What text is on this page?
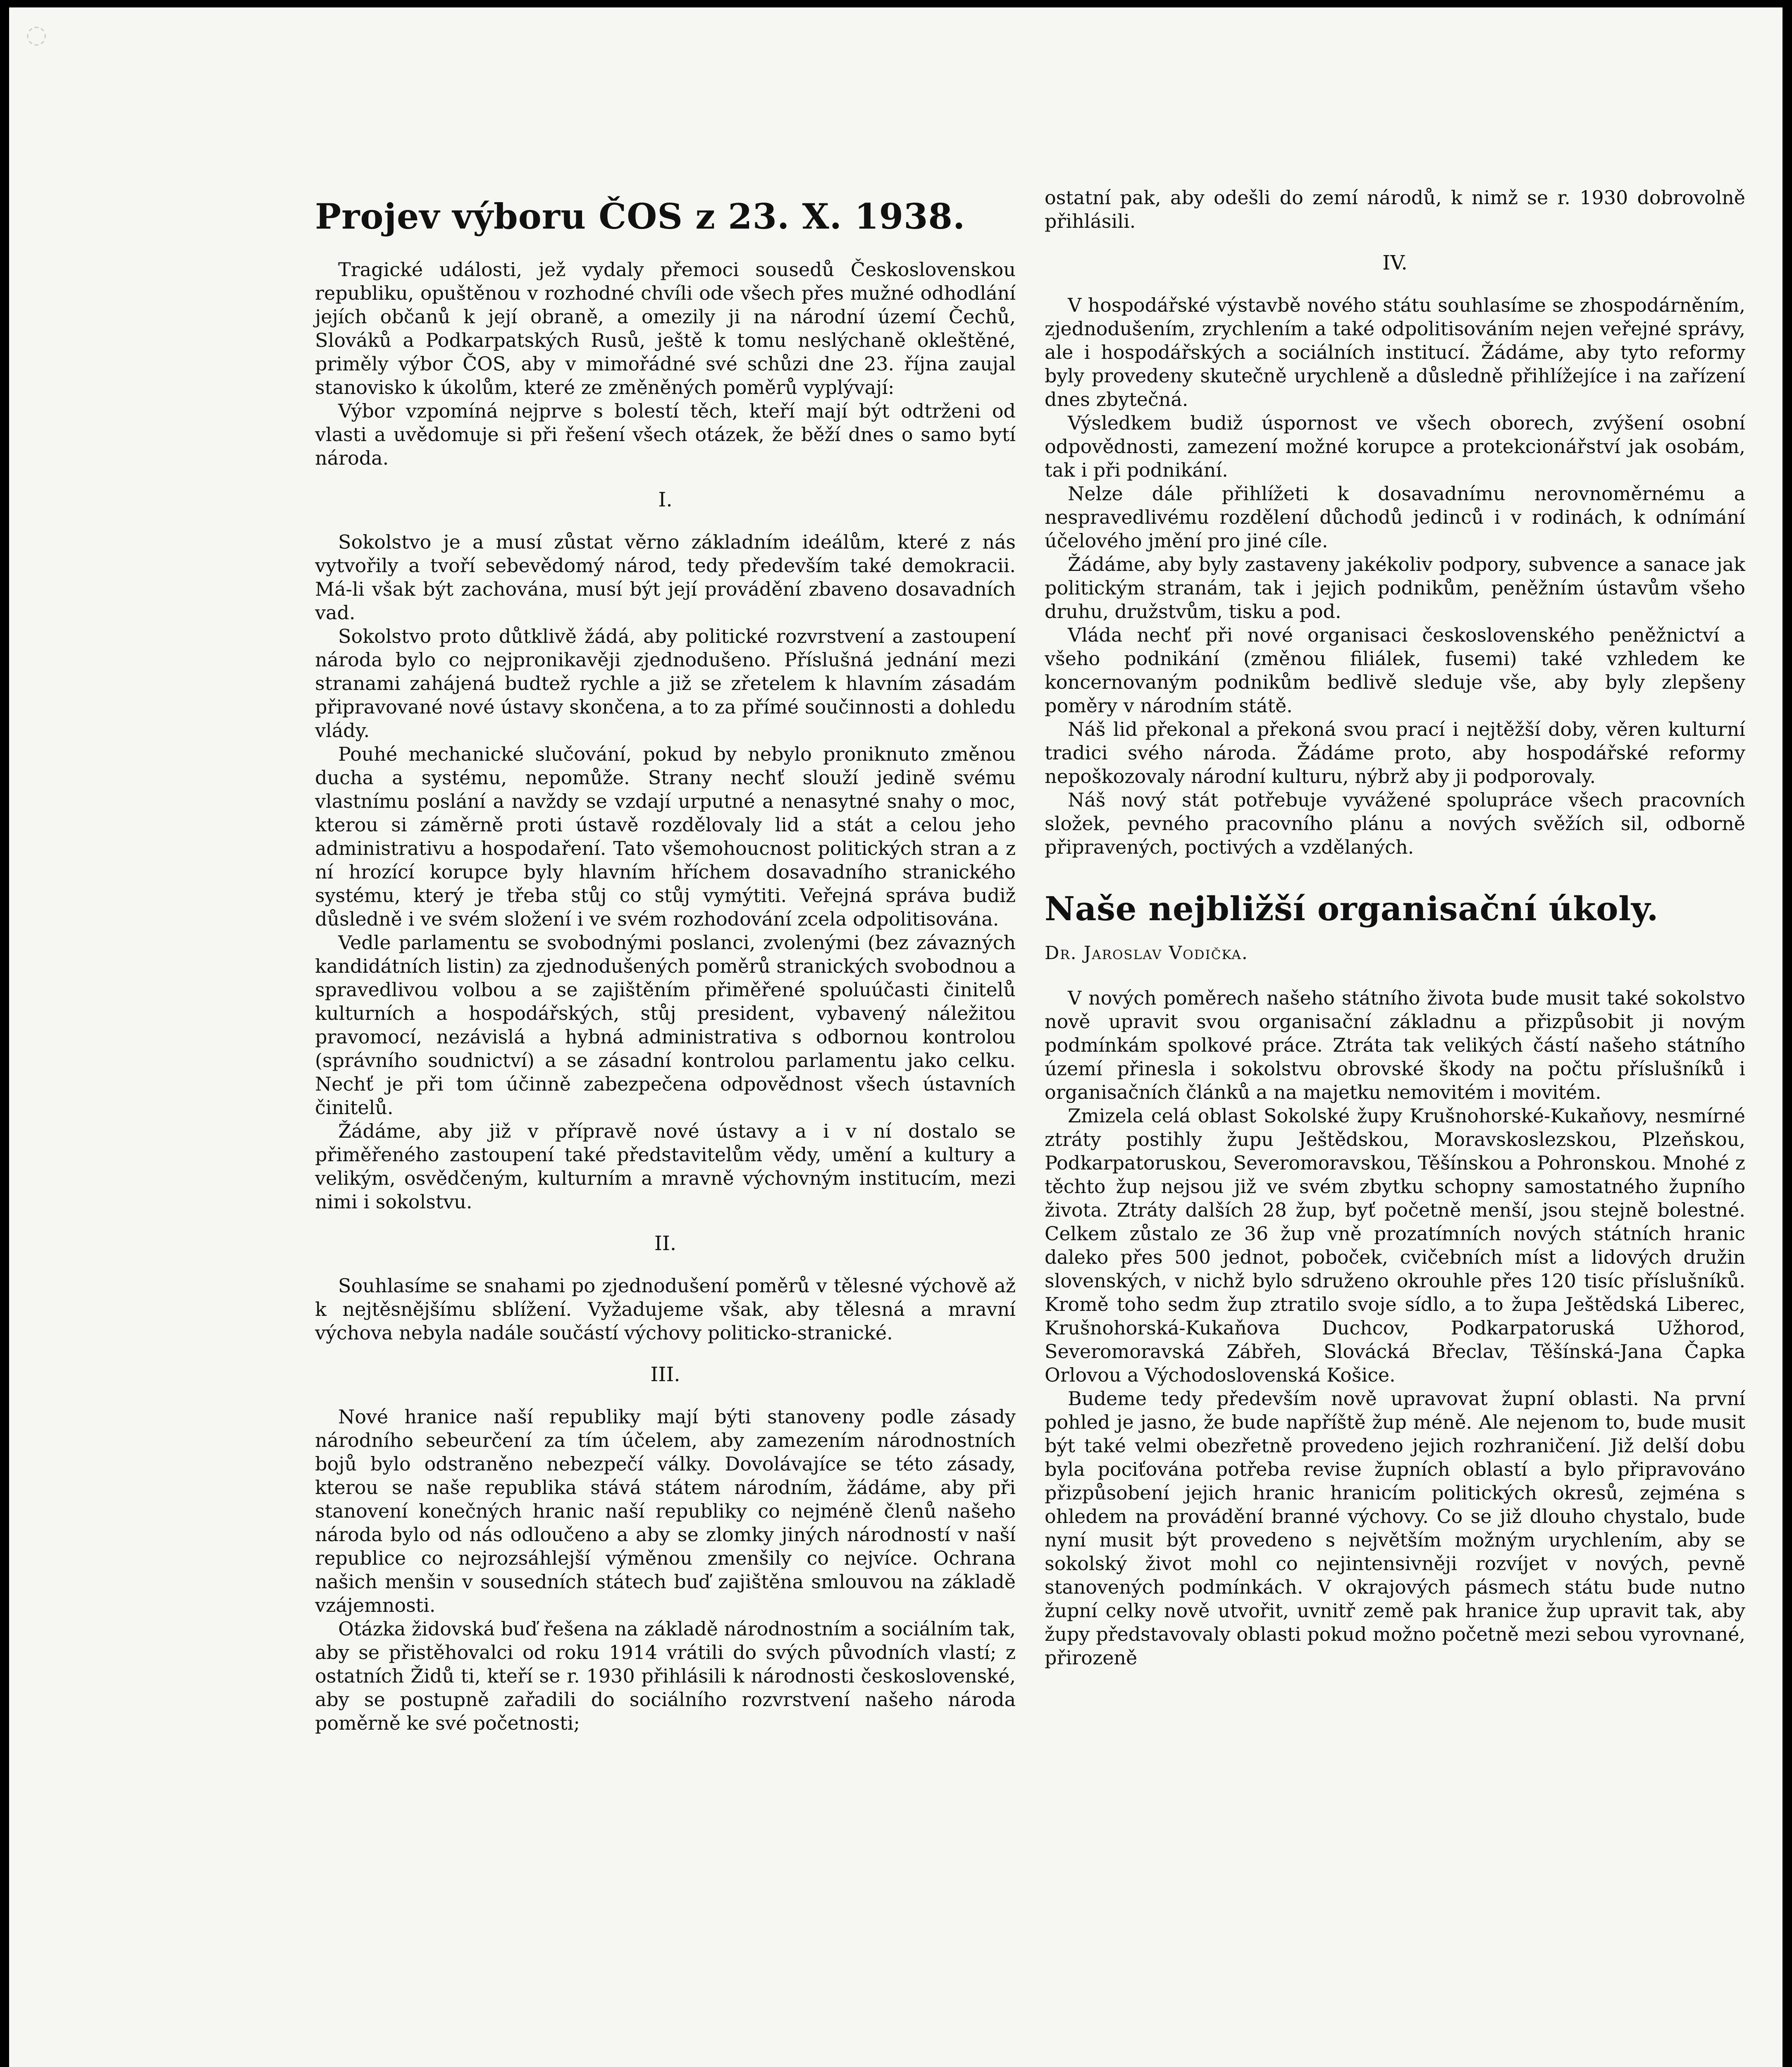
◌
Projev výboru ČOS z 23. X. 1938.

Tragické události, jež vydaly přemoci sousedů Československou republiku, opuštěnou v rozhodné chvíli ode všech přes mužné odhodlání jejích občanů k její obraně, a omezily ji na národní území Čechů, Slováků a Podkarpatských Rusů, ještě k tomu neslýchaně okleštěné, priměly výbor ČOS, aby v mimořádné své schůzi dne 23. října zaujal stanovisko k úkolům, které ze změněných poměrů vyplývají:

Výbor vzpomíná nejprve s bolestí těch, kteří mají být odtrženi od vlasti a uvědomuje si při řešení všech otázek, že běží dnes o samo bytí národa.

I.

Sokolstvo je a musí zůstat věrno základním ideálům, které z nás vytvořily a tvoří sebevědomý národ, tedy především také demokracii. Má-li však být zachována, musí být její provádění zbaveno dosavadních vad.

Sokolstvo proto důtklivě žádá, aby politické rozvrstvení a zastoupení národa bylo co nejpronikavěji zjednodušeno. Příslušná jednání mezi stranami zahájená budtež rychle a již se zřetelem k hlavním zásadám připravované nové ústavy skončena, a to za přímé součinnosti a dohledu vlády.

Pouhé mechanické slučování, pokud by nebylo proniknuto změnou ducha a systému, nepomůže. Strany nechť slouží jedině svému vlastnímu poslání a navždy se vzdají urputné a nenasytné snahy o moc, kterou si záměrně proti ústavě rozdělovaly lid a stát a celou jeho administrativu a hospodaření. Tato všemohoucnost politických stran a z ní hrozící korupce byly hlavním hříchem dosavadního stranického systému, který je třeba stůj co stůj vymýtiti. Veřejná správa budiž důsledně i ve svém složení i ve svém rozhodování zcela odpolitisována.

Vedle parlamentu se svobodnými poslanci, zvolenými (bez závazných kandidátních listin) za zjednodušených poměrů stranických svobodnou a spravedlivou volbou a se zajištěním přiměřené spoluúčasti činitelů kulturních a hospodářských, stůj president, vybavený náležitou pravomocí, nezávislá a hybná administrativa s odbornou kontrolou (správního soudnictví) a se zásadní kontrolou parlamentu jako celku. Nechť je při tom účinně zabezpečena odpovědnost všech ústavních činitelů.

Žádáme, aby již v přípravě nové ústavy a i v ní dostalo se přiměřeného zastoupení také představitelům vědy, umění a kultury a velikým, osvědčeným, kulturním a mravně výchovným institucím, mezi nimi i sokolstvu.

II.

Souhlasíme se snahami po zjednodušení poměrů v tělesné výchově až k nejtěsnějšímu sblížení. Vyžadujeme však, aby tělesná a mravní výchova nebyla nadále součástí výchovy politicko-stranické.

III.

Nové hranice naší republiky mají býti stanoveny podle zásady národního sebeurčení za tím účelem, aby zamezením národnostních bojů bylo odstraněno nebezpečí války. Dovolávajíce se této zásady, kterou se naše republika stává státem národním, žádáme, aby při stanovení konečných hranic naší republiky co nejméně členů našeho národa bylo od nás odloučeno a aby se zlomky jiných národností v naší republice co nejrozsáhlejší výměnou zmenšily co nejvíce. Ochrana našich menšin v sousedních státech buď zajištěna smlouvou na základě vzájemnosti.

Otázka židovská buď řešena na základě národnostním a sociálním tak, aby se přistěhovalci od roku 1914 vrátili do svých původních vlastí; z ostatních Židů ti, kteří se r. 1930 přihlásili k národnosti československé, aby se postupně zařadili do sociálního rozvrstvení našeho národa poměrně ke své početnosti;

ostatní pak, aby odešli do zemí národů, k nimž se r. 1930 dobrovolně přihlásili.

IV.

V hospodářské výstavbě nového státu souhlasíme se zhospodárněním, zjednodušením, zrychlením a také odpolitisováním nejen veřejné správy, ale i hospodářských a sociálních institucí. Žádáme, aby tyto reformy byly provedeny skutečně urychleně a důsledně přihlížejíce i na zařízení dnes zbytečná.

Výsledkem budiž úspornost ve všech oborech, zvýšení osobní odpovědnosti, zamezení možné korupce a protekcionářství jak osobám, tak i při podnikání.

Nelze dále přihlížeti k dosavadnímu nerovnoměrnému a nespravedlivému rozdělení důchodů jedinců i v rodinách, k odnímání účelového jmění pro jiné cíle.

Žádáme, aby byly zastaveny jakékoliv podpory, subvence a sanace jak politickým stranám, tak i jejich podnikům, peněžním ústavům všeho druhu, družstvům, tisku a pod.

Vláda nechť při nové organisaci československého peněžnictví a všeho podnikání (změnou filiálek, fusemi) také vzhledem ke koncernovaným podnikům bedlivě sleduje vše, aby byly zlepšeny poměry v národním státě.

Náš lid překonal a překoná svou prací i nejtěžší doby, věren kulturní tradici svého národa. Žádáme proto, aby hospodářské reformy nepoškozovaly národní kulturu, nýbrž aby ji podporovaly.

Náš nový stát potřebuje vyvážené spolupráce všech pracovních složek, pevného pracovního plánu a nových svěžích sil, odborně připravených, poctivých a vzdělaných.

Naše nejbližší organisační úkoly.
Dr. Jaroslav Vodička.

V nových poměrech našeho státního života bude musit také sokolstvo nově upravit svou organisační základnu a přizpůsobit ji novým podmínkám spolkové práce. Ztráta tak velikých částí našeho státního území přinesla i sokolstvu obrovské škody na počtu příslušníků i organisačních článků a na majetku nemovitém i movitém.

Zmizela celá oblast Sokolské župy Krušnohorské-Kukaňovy, nesmírné ztráty postihly župu Ještědskou, Moravskoslezskou, Plzeňskou, Podkarpatoruskou, Severomoravskou, Těšínskou a Pohronskou. Mnohé z těchto žup nejsou již ve svém zbytku schopny samostatného župního života. Ztráty dalších 28 žup, byť početně menší, jsou stejně bolestné. Celkem zůstalo ze 36 žup vně prozatímních nových státních hranic daleko přes 500 jednot, poboček, cvičebních míst a lidových družin slovenských, v nichž bylo sdruženo okrouhle přes 120 tisíc příslušníků. Kromě toho sedm žup ztratilo svoje sídlo, a to župa Ještědská Liberec, Krušnohorská-Kukaňova Duchcov, Podkarpatoruská Užhorod, Severomoravská Zábřeh, Slovácká Břeclav, Těšínská-Jana Čapka Orlovou a Východoslovenská Košice.

Budeme tedy především nově upravovat župní oblasti. Na první pohled je jasno, že bude napříště žup méně. Ale nejenom to, bude musit být také velmi obezřetně provedeno jejich rozhraničení. Již delší dobu byla pociťována potřeba revise župních oblastí a bylo připravováno přizpůsobení jejich hranic hranicím politických okresů, zejména s ohledem na provádění branné výchovy. Co se již dlouho chystalo, bude nyní musit být provedeno s největším možným urychlením, aby se sokolský život mohl co nejintensivněji rozvíjet v nových, pevně stanovených podmínkách. V okrajových pásmech státu bude nutno župní celky nově utvořit, uvnitř země pak hranice žup upravit tak, aby župy představovaly oblasti pokud možno početně mezi sebou vyrovnané, přirozeně
